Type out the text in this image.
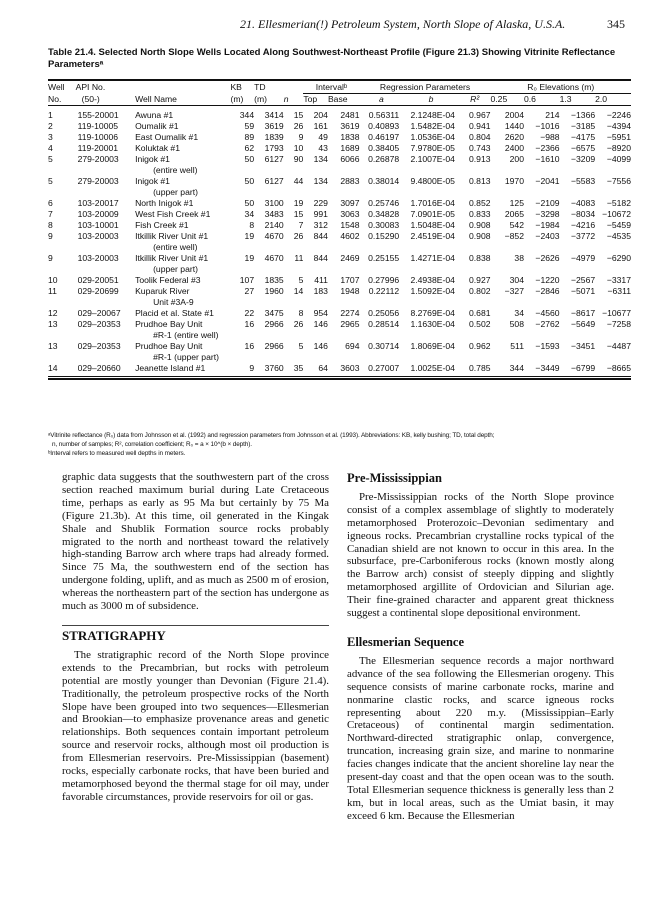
21. Ellesmerian(!) Petroleum System, North Slope of Alaska, U.S.A.	345
Table 21.4. Selected North Slope Wells Located Along Southwest-Northeast Profile (Figure 21.3) Showing Vitrinite Reflectance Parametersᵃ
Well	API No.		KB	TD		Intervalᵇ		Regression Parameters			R₀ Elevations (m)			
No.	(50-)	Well Name	(m)	(m)	n	Top	Base	a	b	R²	0.25	0.6	1.3	2.0
1	155-20001	Awuna #1	344	3414	15	204	2481	0.56311	2.1248E-04	0.967	2004	214	−1366	−2246
2	119-10005	Oumalik #1	59	3619	26	161	3619	0.40893	1.5482E-04	0.941	1440	−1016	−3185	−4394
3	119-10006	East Oumalik #1	89	1839	9	49	1838	0.46197	1.0536E-04	0.804	2620	−988	−4175	−5951
4	119-20001	Koluktak #1	62	1793	10	43	1689	0.38405	7.9780E-05	0.743	2400	−2366	−6575	−8920
5	279-20003	Inigok #1	50	6127	90	134	6066	0.26878	2.1007E-04	0.913	200	−1610	−3209	−4099
		(entire well)												
5	279-20003	Inigok #1	50	6127	44	134	2883	0.38014	9.4800E-05	0.813	1970	−2041	−5583	−7556
		(upper part)												
6	103-20017	North Inigok #1	50	3100	19	229	3097	0.25746	1.7016E-04	0.852	125	−2109	−4083	−5182
7	103-20009	West Fish Creek #1	34	3483	15	991	3063	0.34828	7.0901E-05	0.833	2065	−3298	−8034	−10672
8	103-10001	Fish Creek #1	8	2140	7	312	1548	0.30083	1.5048E-04	0.908	542	−1984	−4216	−5459
9	103-20003	Itkillik River Unit #1	19	4670	26	844	4602	0.15290	2.4519E-04	0.908	−852	−2403	−3772	−4535
		(entire well)												
9	103-20003	Itkillik River Unit #1	19	4670	11	844	2469	0.25155	1.4271E-04	0.838	38	−2626	−4979	−6290
		(upper part)												
10	029-20051	Toolik Federal #3	107	1835	5	411	1707	0.27996	2.4938E-04	0.927	304	−1220	−2567	−3317
11	029-20699	Kuparuk River	27	1960	14	183	1948	0.22112	1.5092E-04	0.802	−327	−2846	−5071	−6311
		Unit #3A-9												
12	029–20067	Placid et al. State #1	22	3475	8	954	2274	0.25056	8.2769E-04	0.681	34	−4560	−8617	−10677
13	029–20353	Prudhoe Bay Unit	16	2966	26	146	2965	0.28514	1.1630E-04	0.502	508	−2762	−5649	−7258
		#R-1 (entire well)												
13	029–20353	Prudhoe Bay Unit	16	2966	5	146	694	0.30714	1.8069E-04	0.962	511	−1593	−3451	−4487
		#R-1 (upper part)												
14	029–20660	Jeanette Island #1	9	3760	35	64	3603	0.27007	1.0025E-04	0.785	344	−3449	−6799	−8665
ᵃVitrinite reflectance (R₀) data from Johnsson et al. (1992) and regression parameters from Johnsson et al. (1993). Abbreviations: KB, kelly bushing; TD, total depth;
n, number of samples; R², correlation coefficient; R₀ = a × 10^(b × depth).
ᵇInterval refers to measured well depths in meters.

graphic data suggests that the southwestern part of the cross section reached maximum burial during Late Cretaceous time, perhaps as early as 95 Ma but certainly by 75 Ma (Figure 21.3b). At this time, oil generated in the Kingak Shale and Shublik Formation source rocks probably migrated to the north and northeast toward the relatively high-standing Barrow arch where traps had already formed. Since 75 Ma, the southwestern end of the section has undergone folding, uplift, and as much as 2500 m of erosion, whereas the northeastern part of the section has undergone as much as 3000 m of subsidence.

STRATIGRAPHY

The stratigraphic record of the North Slope province extends to the Precambrian, but rocks with petroleum potential are mostly younger than Devonian (Figure 21.4). Traditionally, the petroleum prospective rocks of the North Slope have been grouped into two sequences—Ellesmerian and Brookian—to emphasize provenance areas and genetic relationships. Both sequences contain important petroleum source and reservoir rocks, although most oil production is from Ellesmerian reservoirs. Pre-Mississippian (basement) rocks, especially carbonate rocks, that have been buried and metamorphosed beyond the thermal stage for oil may, under favorable circumstances, provide reservoirs for oil or gas.

Pre-Mississippian

Pre-Mississippian rocks of the North Slope province consist of a complex assemblage of slightly to moderately metamorphosed Proterozoic–Devonian sedimentary and igneous rocks. Precambrian crystalline rocks typical of the Canadian shield are not known to occur in this area. In the subsurface, pre-Carboniferous rocks (known mostly along the Barrow arch) consist of steeply dipping and slightly metamorphosed argillite of Ordovician and Silurian age. Their fine-grained character and apparent great thickness suggest a continental slope depositional environment.

Ellesmerian Sequence

The Ellesmerian sequence records a major northward advance of the sea following the Ellesmerian orogeny. This sequence consists of marine carbonate rocks, marine and nonmarine clastic rocks, and scarce igneous rocks representing about 220 m.y. (Mississippian–Early Cretaceous) of continental margin sedimentation. Northward-directed stratigraphic onlap, convergence, truncation, increasing grain size, and marine to nonmarine facies changes indicate that the ancient shoreline lay near the present-day coast and that the open ocean was to the south. Total Ellesmerian sequence thickness is generally less than 2 km, but in local areas, such as the Umiat basin, it may exceed 6 km. Because the Ellesmerian
